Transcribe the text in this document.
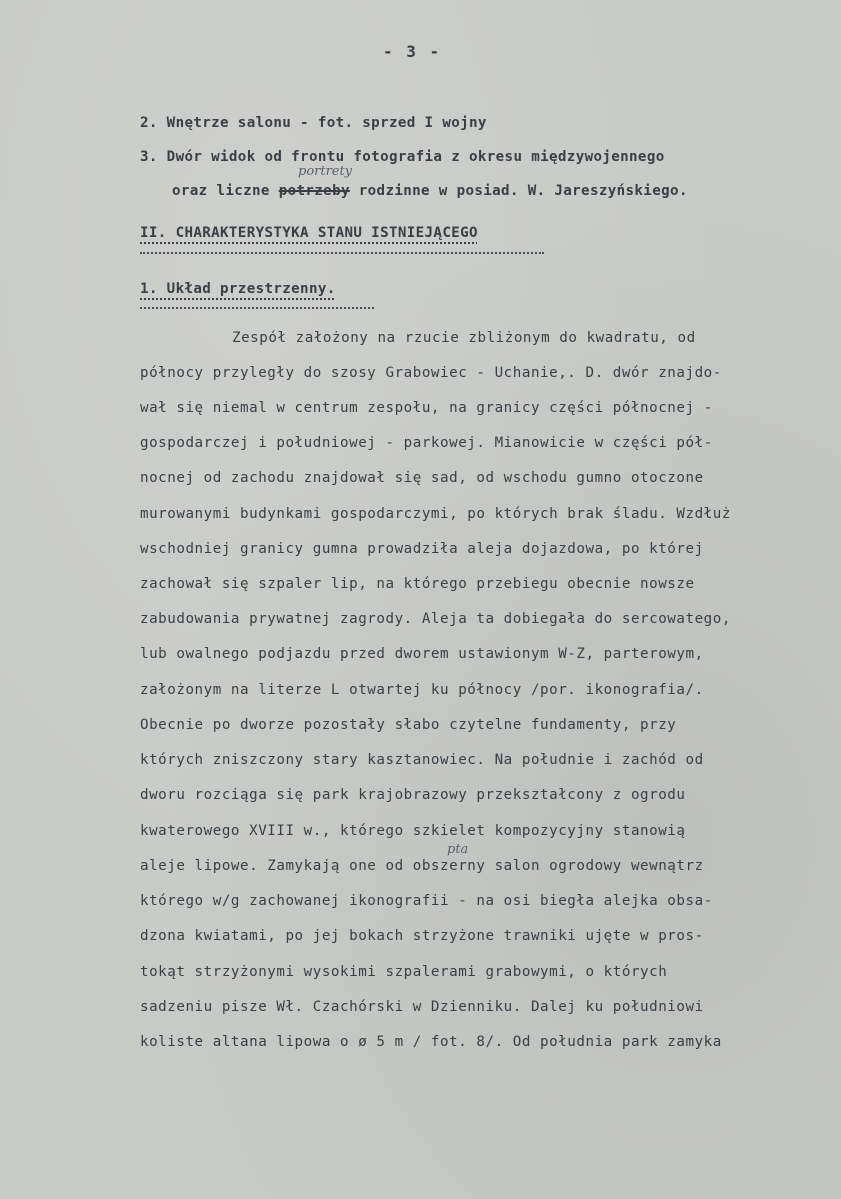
- 3 -
2. Wnętrze salonu - fot. sprzed I wojny
3. Dwór widok od frontu fotografia z okresu międzywojennego
portrety
oraz liczne potrzeby rodzinne w posiad. W. Jareszyńskiego.
II. CHARAKTERYSTYKA STANU ISTNIEJĄCEGO
1. Układ przestrzenny.
Zespół założony na rzucie zbliżonym do kwadratu, od
północy przyległy do szosy Grabowiec - Uchanie,. D. dwór znajdo-
wał się niemal w centrum zespołu, na granicy części północnej -
gospodarczej i południowej - parkowej. Mianowicie w części pół-
nocnej od zachodu znajdował się sad, od wschodu gumno otoczone
murowanymi budynkami gospodarczymi, po których brak śladu. Wzdłuż
wschodniej granicy gumna prowadziła aleja dojazdowa, po której
zachował się szpaler lip, na którego przebiegu obecnie nowsze
zabudowania prywatnej zagrody. Aleja ta dobiegała do sercowatego,
lub owalnego podjazdu przed dworem ustawionym W-Z, parterowym,
założonym na literze L otwartej ku północy /por. ikonografia/.
Obecnie po dworze pozostały słabo czytelne fundamenty, przy
których zniszczony stary kasztanowiec. Na południe i zachód od
dworu rozciąga się park krajobrazowy przekształcony z ogrodu
kwaterowego XVIII w., którego szkielet kompozycyjny stanowią
pta
aleje lipowe. Zamykają one od obszerny salon ogrodowy wewnątrz
którego w/g zachowanej ikonografii - na osi biegła alejka obsa-
dzona kwiatami, po jej bokach strzyżone trawniki ujęte w pros-
tokąt strzyżonymi wysokimi szpalerami grabowymi, o których
sadzeniu pisze Wł. Czachórski w Dzienniku. Dalej ku południowi
koliste altana lipowa o ø 5 m / fot. 8/. Od południa park zamyka
